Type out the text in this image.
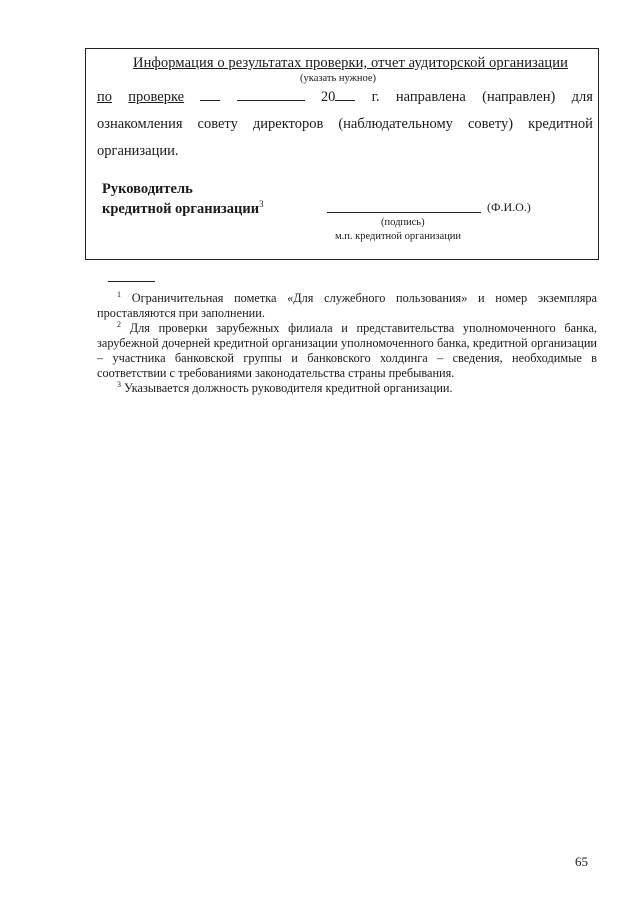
Информация о результатах проверки, отчет аудиторской организации
(указать нужное)
по проверке	20	г. направлена (направлен) для
ознакомления совету директоров (наблюдательному совету) кредитной
организации.
Руководитель
кредитной организации$^3$	(Ф.И.О.)
(подпись)
м.п. кредитной организации
$^1$ Ограничительная пометка «Для служебного пользования» и номер экземпляра проставляются при заполнении.
$^2$ Для проверки зарубежных филиала и представительства уполномоченного банка, зарубежной дочерней кредитной организации уполномоченного банка, кредитной организации – участника банковской группы и банковского холдинга – сведения, необходимые в соответствии с требованиями законодательства страны пребывания.
$^3$ Указывается должность руководителя кредитной организации.
65
